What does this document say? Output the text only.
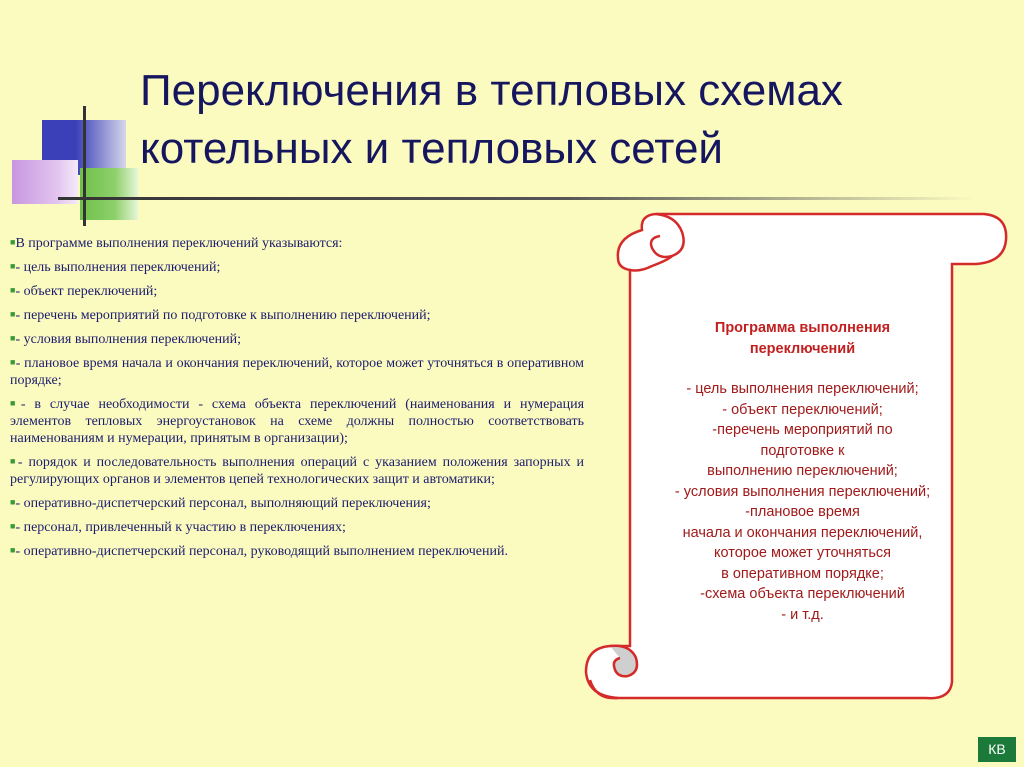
Переключения в тепловых схемах
котельных и тепловых сетей
■В программе выполнения переключений указываются:
■- цель выполнения переключений;
■- объект переключений;
■- перечень мероприятий по подготовке к выполнению переключений;
■- условия выполнения переключений;
■- плановое время начала и окончания переключений, которое может уточняться в оперативном порядке;
■- в случае необходимости - схема объекта переключений (наименования и нумерация элементов тепловых энергоустановок на схеме должны полностью соответствовать наименованиям и нумерации, принятым в организации);
■- порядок и последовательность выполнения операций с указанием положения запорных и регулирующих органов и элементов цепей технологических защит и автоматики;
■- оперативно-диспетчерский персонал, выполняющий переключения;
■- персонал, привлеченный к участию в переключениях;
■- оперативно-диспетчерский персонал, руководящий выполнением переключений.
Программа выполнения
переключений
- цель выполнения переключений;
- объект переключений;
-перечень мероприятий по
подготовке к
выполнению переключений;
- условия выполнения переключений;
-плановое время
начала и окончания переключений,
которое может уточняться
в оперативном порядке;
-схема объекта переключений
- и т.д.
КВ
